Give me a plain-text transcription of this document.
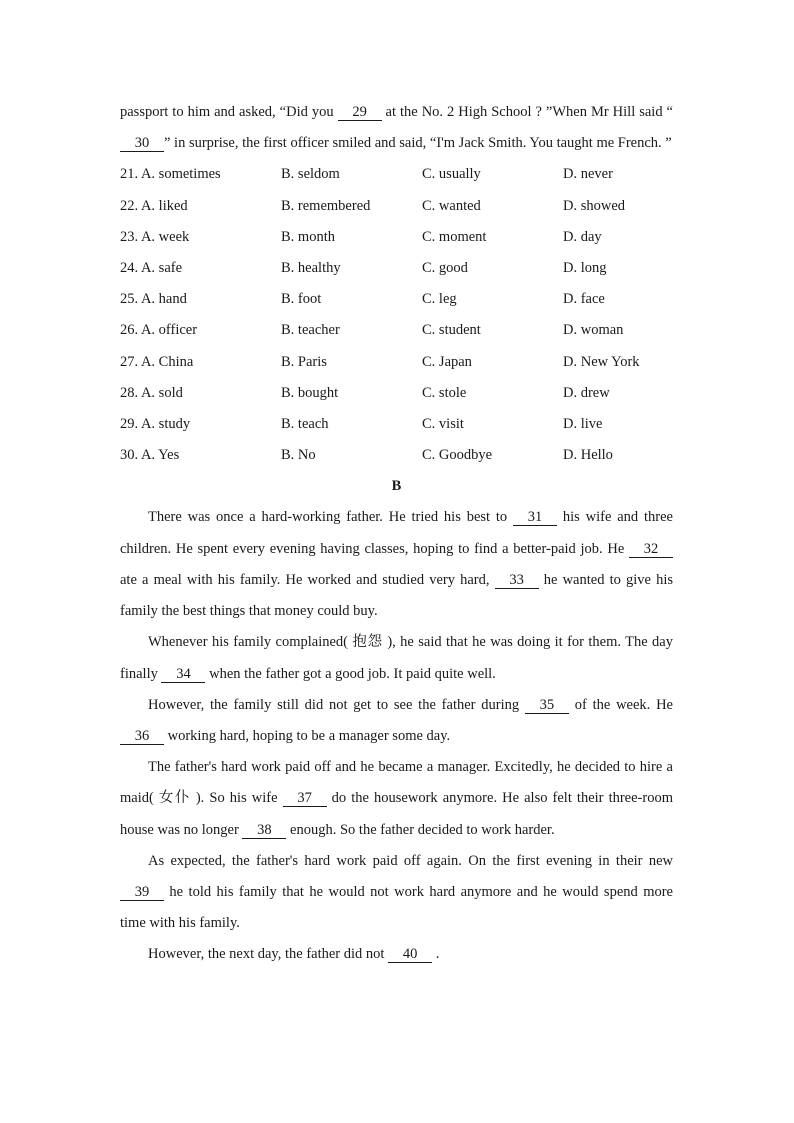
passport to him and asked, “Did you 29 at the No. 2 High School ? ”When Mr Hill said “30 ” in surprise, the first officer smiled and said, “I'm Jack Smith. You taught me French. ”

21. A. sometimes	B. seldom	C. usually	D. never
22. A. liked	B. remembered	C. wanted	D. showed
23. A. week	B. month	C. moment	D. day
24. A. safe	B. healthy	C. good	D. long
25. A. hand	B. foot	C. leg	D. face
26. A. officer	B. teacher	C. student	D. woman
27. A. China	B. Paris	C. Japan	D. New York
28. A. sold	B. bought	C. stole	D. drew
29. A. study	B. teach	C. visit	D. live
30. A. Yes	B. No	C. Goodbye	D. Hello

B

There was once a hard-working father. He tried his best to 31 his wife and three children. He spent every evening having classes, hoping to find a better-paid job. He 32 ate a meal with his family. He worked and studied very hard, 33 he wanted to give his family the best things that money could buy.

Whenever his family complained( 抱怨 ), he said that he was doing it for them. The day finally 34 when the father got a good job. It paid quite well.

However, the family still did not get to see the father during 35 of the week. He 36 working hard, hoping to be a manager some day.

The father's hard work paid off and he became a manager. Excitedly, he decided to hire a maid( 女仆 ). So his wife 37 do the housework anymore. He also felt their three-room house was no longer 38 enough. So the father decided to work harder.

As expected, the father's hard work paid off again. On the first evening in their new 39 he told his family that he would not work hard anymore and he would spend more time with his family.

However, the next day, the father did not 40 .
